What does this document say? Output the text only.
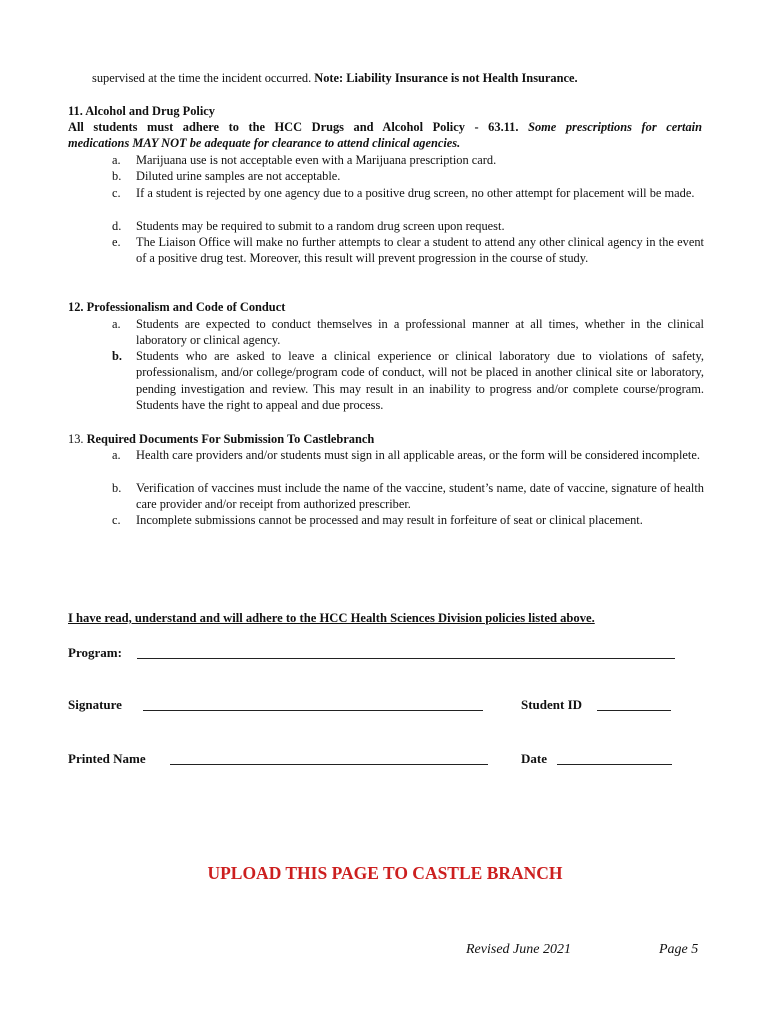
supervised at the time the incident occurred. Note: Liability Insurance is not Health Insurance.
11. Alcohol and Drug Policy
All students must adhere to the HCC Drugs and Alcohol Policy - 63.11. Some prescriptions for certain
medications MAY NOT be adequate for clearance to attend clinical agencies.
a. Marijuana use is not acceptable even with a Marijuana prescription card.
b. Diluted urine samples are not acceptable.
c. If a student is rejected by one agency due to a positive drug screen, no other attempt for placement will be made.
d. Students may be required to submit to a random drug screen upon request.
e. The Liaison Office will make no further attempts to clear a student to attend any other clinical agency in the event of a positive drug test. Moreover, this result will prevent progression in the course of study.
12. Professionalism and Code of Conduct
a. Students are expected to conduct themselves in a professional manner at all times, whether in the clinical laboratory or clinical agency.
b. Students who are asked to leave a clinical experience or clinical laboratory due to violations of safety, professionalism, and/or college/program code of conduct, will not be placed in another clinical site or laboratory, pending investigation and review. This may result in an inability to progress and/or complete course/program. Students have the right to appeal and due process.
13. Required Documents For Submission To Castlebranch
a. Health care providers and/or students must sign in all applicable areas, or the form will be considered incomplete.
b. Verification of vaccines must include the name of the vaccine, student’s name, date of vaccine, signature of health care provider and/or receipt from authorized prescriber.
c. Incomplete submissions cannot be processed and may result in forfeiture of seat or clinical placement.
I have read, understand and will adhere to the HCC Health Sciences Division policies listed above.
Program:
Signature	Student ID
Printed Name	Date
UPLOAD THIS PAGE TO CASTLE BRANCH
Revised June 2021	Page 5
